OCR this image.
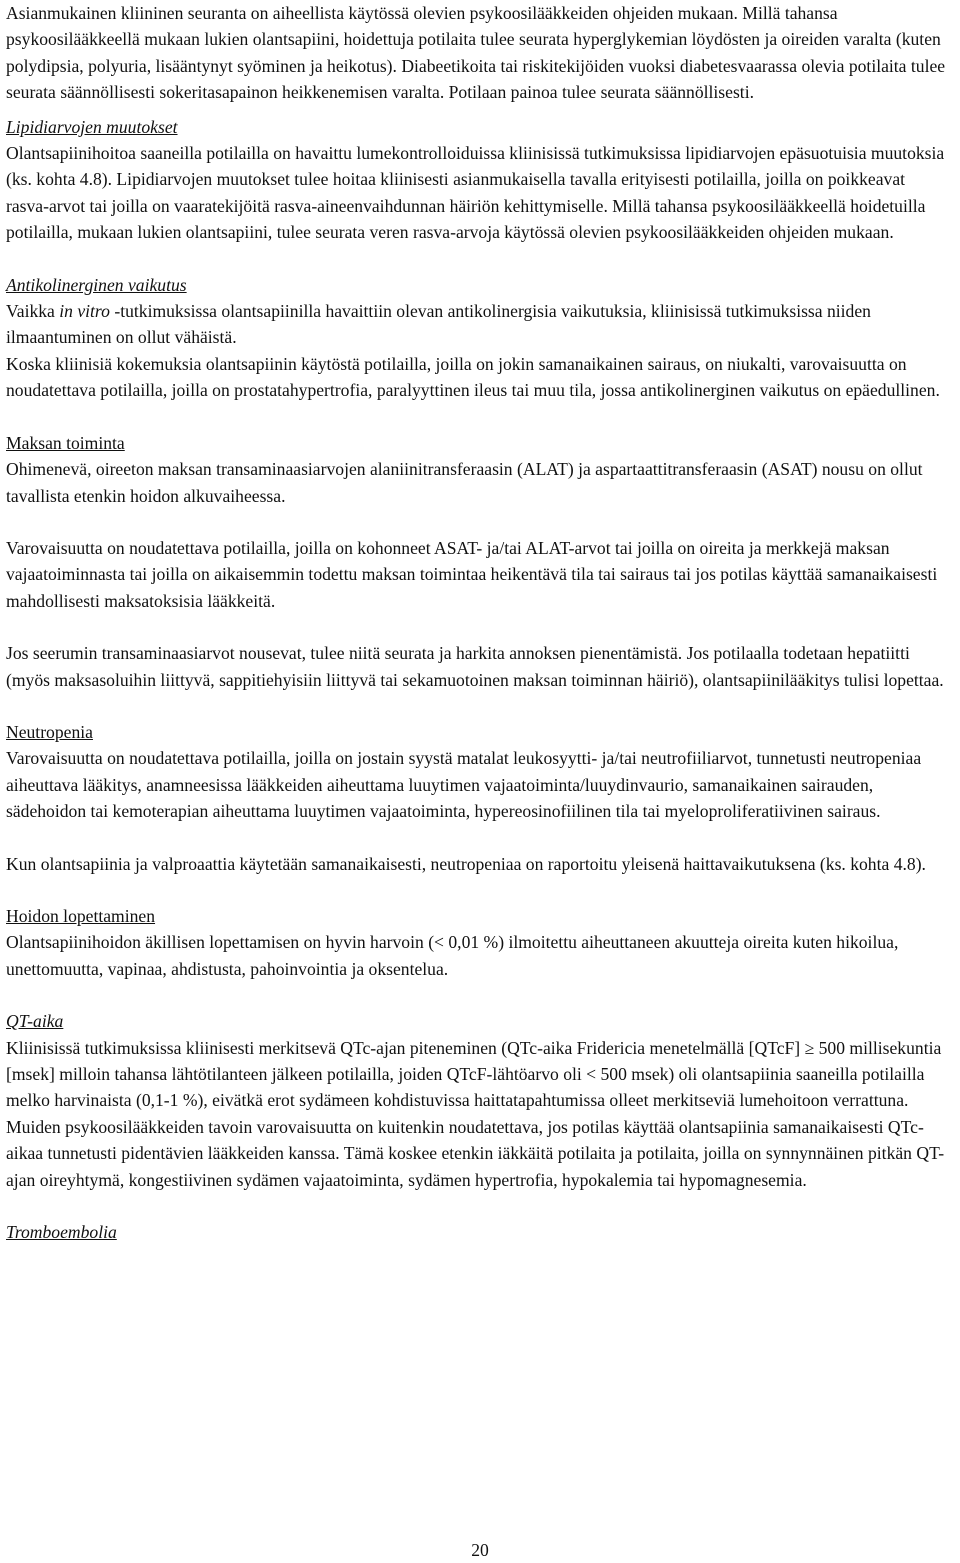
Asianmukainen kliininen seuranta on aiheellista käytössä olevien psykoosilääkkeiden ohjeiden mukaan. Millä tahansa psykoosilääkkeellä mukaan lukien olantsapiini, hoidettuja potilaita tulee seurata hyperglykemian löydösten ja oireiden varalta (kuten polydipsia, polyuria, lisääntynyt syöminen ja heikotus). Diabeetikoita tai riskitekijöiden vuoksi diabetesvaarassa olevia potilaita tulee seurata säännöllisesti sokeritasapainon heikkenemisen varalta. Potilaan painoa tulee seurata säännöllisesti.

Lipidiarvojen muutokset

Olantsapiinihoitoa saaneilla potilailla on havaittu lumekontrolloiduissa kliinisissä tutkimuksissa lipidiarvojen epäsuotuisia muutoksia (ks. kohta 4.8). Lipidiarvojen muutokset tulee hoitaa kliinisesti asianmukaisella tavalla erityisesti potilailla, joilla on poikkeavat rasva-arvot tai joilla on vaaratekijöitä rasva-aineenvaihdunnan häiriön kehittymiselle. Millä tahansa psykoosilääkkeellä hoidetuilla potilailla, mukaan lukien olantsapiini, tulee seurata veren rasva-arvoja käytössä olevien psykoosilääkkeiden ohjeiden mukaan.

Antikolinerginen vaikutus

Vaikka in vitro -tutkimuksissa olantsapiinilla havaittiin olevan antikolinergisia vaikutuksia, kliinisissä tutkimuksissa niiden ilmaantuminen on ollut vähäistä.

Koska kliinisiä kokemuksia olantsapiinin käytöstä potilailla, joilla on jokin samanaikainen sairaus, on niukalti, varovaisuutta on noudatettava potilailla, joilla on prostatahypertrofia, paralyyttinen ileus tai muu tila, jossa antikolinerginen vaikutus on epäedullinen.

Maksan toiminta

Ohimenevä, oireeton maksan transaminaasiarvojen alaniinitransferaasin (ALAT) ja aspartaattitransferaasin (ASAT) nousu on ollut tavallista etenkin hoidon alkuvaiheessa.

Varovaisuutta on noudatettava potilailla, joilla on kohonneet ASAT- ja/tai ALAT-arvot tai joilla on oireita ja merkkejä maksan vajaatoiminnasta tai joilla on aikaisemmin todettu maksan toimintaa heikentävä tila tai sairaus tai jos potilas käyttää samanaikaisesti mahdollisesti maksatoksisia lääkkeitä.

Jos seerumin transaminaasiarvot nousevat, tulee niitä seurata ja harkita annoksen pienentämistä. Jos potilaalla todetaan hepatiitti (myös maksasoluihin liittyvä, sappitiehyisiin liittyvä tai sekamuotoinen maksan toiminnan häiriö), olantsapiinilääkitys tulisi lopettaa.

Neutropenia

Varovaisuutta on noudatettava potilailla, joilla on jostain syystä matalat leukosyytti- ja/tai neutrofiiliarvot, tunnetusti neutropeniaa aiheuttava lääkitys, anamneesissa lääkkeiden aiheuttama luuytimen vajaatoiminta/luuydinvaurio, samanaikainen sairauden, sädehoidon tai kemoterapian aiheuttama luuytimen vajaatoiminta, hypereosinofiilinen tila tai myeloproliferatiivinen sairaus.

Kun olantsapiinia ja valproaattia käytetään samanaikaisesti, neutropeniaa on raportoitu yleisenä haittavaikutuksena (ks. kohta 4.8).

Hoidon lopettaminen

Olantsapiinihoidon äkillisen lopettamisen on hyvin harvoin (< 0,01 %) ilmoitettu aiheuttaneen akuutteja oireita kuten hikoilua, unettomuutta, vapinaa, ahdistusta, pahoinvointia ja oksentelua.

QT-aika

Kliinisissä tutkimuksissa kliinisesti merkitsevä QTc-ajan piteneminen (QTc-aika Fridericia menetelmällä [QTcF] ≥ 500 millisekuntia [msek] milloin tahansa lähtötilanteen jälkeen potilailla, joiden QTcF-lähtöarvo oli < 500 msek) oli olantsapiinia saaneilla potilailla melko harvinaista (0,1-1 %), eivätkä erot sydämeen kohdistuvissa haittatapahtumissa olleet merkitseviä lumehoitoon verrattuna. Muiden psykoosilääkkeiden tavoin varovaisuutta on kuitenkin noudatettava, jos potilas käyttää olantsapiinia samanaikaisesti QTc-aikaa tunnetusti pidentävien lääkkeiden kanssa. Tämä koskee etenkin iäkkäitä potilaita ja potilaita, joilla on synnynnäinen pitkän QT-ajan oireyhtymä, kongestiivinen sydämen vajaatoiminta, sydämen hypertrofia, hypokalemia tai hypomagnesemia.

Tromboembolia

20
